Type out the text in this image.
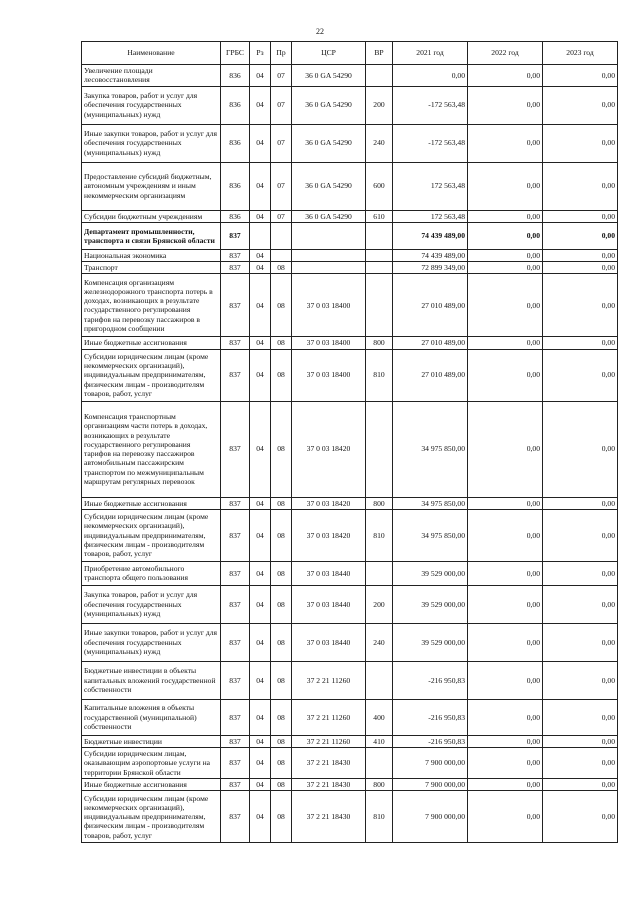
22
Наименование	ГРБС	Рз	Пр	ЦСР	ВР	2021 год	2022 год	2023 год
Увеличение площади лесовосстановления	836	04	07	36 0 GA 54290		0,00	0,00	0,00
Закупка товаров, работ и услуг для обеспечения государственных (муниципальных) нужд	836	04	07	36 0 GA 54290	200	-172 563,48	0,00	0,00
Иные закупки товаров, работ и услуг для обеспечения государственных (муниципальных) нужд	836	04	07	36 0 GA 54290	240	-172 563,48	0,00	0,00
Предоставление субсидий бюджетным, автономным учреждениям и иным некоммерческим организациям	836	04	07	36 0 GA 54290	600	172 563,48	0,00	0,00
Субсидии бюджетным учреждениям	836	04	07	36 0 GA 54290	610	172 563,48	0,00	0,00
Департамент промышленности, транспорта и связи Брянской области	837					74 439 489,00	0,00	0,00
Национальная экономика	837	04				74 439 489,00	0,00	0,00
Транспорт	837	04	08			72 899 349,00	0,00	0,00
Компенсация организациям железнодорожного транспорта потерь в доходах, возникающих в результате государственного регулирования тарифов на перевозку пассажиров в пригородном сообщении	837	04	08	37 0 03 18400		27 010 489,00	0,00	0,00
Иные бюджетные ассигнования	837	04	08	37 0 03 18400	800	27 010 489,00	0,00	0,00
Субсидии юридическим лицам (кроме некоммерческих организаций), индивидуальным предпринимателям, физическим лицам - производителям товаров, работ, услуг	837	04	08	37 0 03 18400	810	27 010 489,00	0,00	0,00
Компенсация транспортным организациям части потерь в доходах, возникающих в результате государственного регулирования тарифов на перевозку пассажиров автомобильным пассажирским транспортом по межмуниципальным маршрутам регулярных перевозок	837	04	08	37 0 03 18420		34 975 850,00	0,00	0,00
Иные бюджетные ассигнования	837	04	08	37 0 03 18420	800	34 975 850,00	0,00	0,00
Субсидии юридическим лицам (кроме некоммерческих организаций), индивидуальным предпринимателям, физическим лицам - производителям товаров, работ, услуг	837	04	08	37 0 03 18420	810	34 975 850,00	0,00	0,00
Приобретение автомобильного транспорта общего пользования	837	04	08	37 0 03 18440		39 529 000,00	0,00	0,00
Закупка товаров, работ и услуг для обеспечения государственных (муниципальных) нужд	837	04	08	37 0 03 18440	200	39 529 000,00	0,00	0,00
Иные закупки товаров, работ и услуг для обеспечения государственных (муниципальных) нужд	837	04	08	37 0 03 18440	240	39 529 000,00	0,00	0,00
Бюджетные инвестиции в объекты капитальных вложений государственной собственности	837	04	08	37 2 21 11260		-216 950,83	0,00	0,00
Капитальные вложения в объекты государственной (муниципальной) собственности	837	04	08	37 2 21 11260	400	-216 950,83	0,00	0,00
Бюджетные инвестиции	837	04	08	37 2 21 11260	410	-216 950,83	0,00	0,00
Субсидии юридическим лицам, оказывающим аэропортовые услуги на территории Брянской области	837	04	08	37 2 21 18430		7 900 000,00	0,00	0,00
Иные бюджетные ассигнования	837	04	08	37 2 21 18430	800	7 900 000,00	0,00	0,00
Субсидии юридическим лицам (кроме некоммерческих организаций), индивидуальным предпринимателям, физическим лицам - производителям товаров, работ, услуг	837	04	08	37 2 21 18430	810	7 900 000,00	0,00	0,00
